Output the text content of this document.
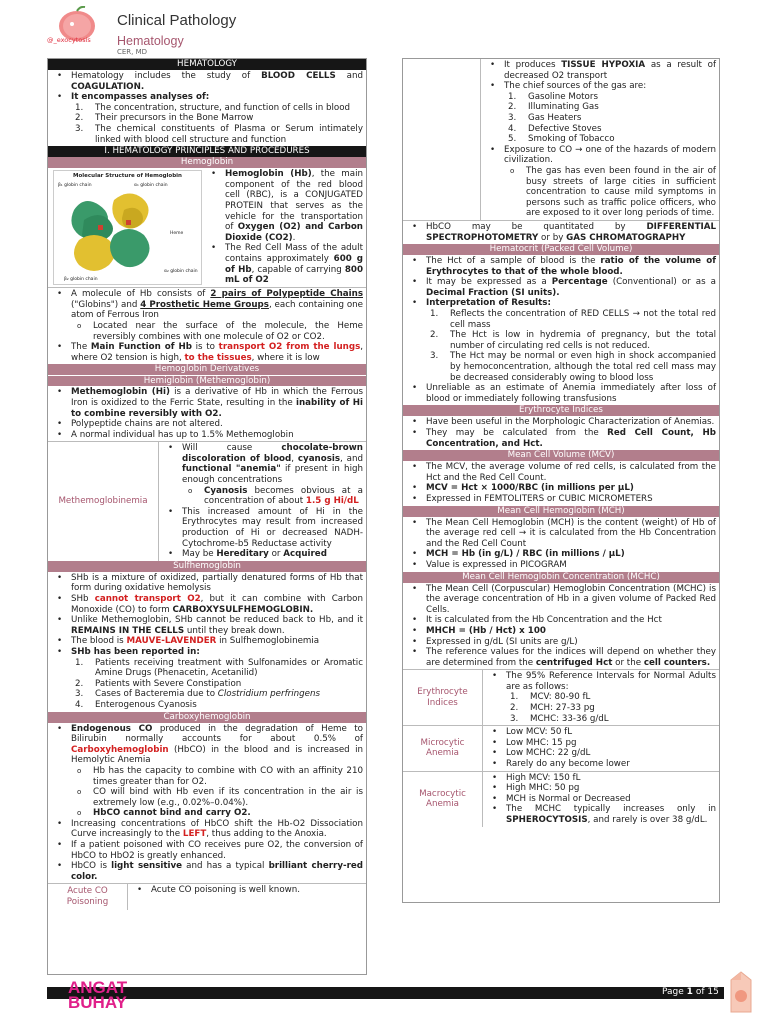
@_exocytosis
Clinical Pathology
Hematology
CER, MD
HEMATOLOGY
• Hematology includes the study of BLOOD CELLS and COAGULATION.
• It encompasses analyses of:
1. The concentration, structure, and function of cells in blood
2. Their precursors in the Bone Marrow
3. The chemical constituents of Plasma or Serum intimately linked with blood cell structure and function
I. HEMATOLOGY PRINCIPLES AND PROCEDURES
Hemoglobin
Molecular Structure of Hemoglobin
β₁ globin chain	α₁ globin chain
Heme
α₂ globin chain
β₂ globin chain
• Hemoglobin (Hb), the main component of the red blood cell (RBC), is a CONJUGATED PROTEIN that serves as the vehicle for the transportation of Oxygen (O2) and Carbon Dioxide (CO2).
• The Red Cell Mass of the adult contains approximately 600 g of Hb, capable of carrying 800 mL of O2
• A molecule of Hb consists of 2 pairs of Polypeptide Chains ("Globins") and 4 Prosthetic Heme Groups, each containing one atom of Ferrous Iron
o Located near the surface of the molecule, the Heme reversibly combines with one molecule of O2 or CO2.
• The Main Function of Hb is to transport O2 from the lungs, where O2 tension is high, to the tissues, where it is low
Hemoglobin Derivatives
Hemiglobin (Methemoglobin)
• Methemoglobin (Hi) is a derivative of Hb in which the Ferrous Iron is oxidized to the Ferric State, resulting in the inability of Hi to combine reversibly with O2.
• Polypeptide chains are not altered.
• A normal individual has up to 1.5% Methemoglobin
Methemoglobinemia
• Will cause chocolate-brown discoloration of blood, cyanosis, and functional "anemia" if present in high enough concentrations
o Cyanosis becomes obvious at a concentration of about 1.5 g Hi/dL
• This increased amount of Hi in the Erythrocytes may result from increased production of Hi or decreased NADH-Cytochrome-b5 Reductase activity
• May be Hereditary or Acquired
Sulfhemoglobin
• SHb is a mixture of oxidized, partially denatured forms of Hb that form during oxidative hemolysis
• SHb cannot transport O2, but it can combine with Carbon Monoxide (CO) to form CARBOXYSULFHEMOGLOBIN.
• Unlike Methemoglobin, SHb cannot be reduced back to Hb, and it REMAINS IN THE CELLS until they break down.
• The blood is MAUVE-LAVENDER in Sulfhemoglobinemia
• SHb has been reported in:
1. Patients receiving treatment with Sulfonamides or Aromatic Amine Drugs (Phenacetin, Acetanilid)
2. Patients with Severe Constipation
3. Cases of Bacteremia due to Clostridium perfringens
4. Enterogenous Cyanosis
Carboxyhemoglobin
• Endogenous CO produced in the degradation of Heme to Bilirubin normally accounts for about 0.5% of Carboxyhemoglobin (HbCO) in the blood and is increased in Hemolytic Anemia
o Hb has the capacity to combine with CO with an affinity 210 times greater than for O2.
o CO will bind with Hb even if its concentration in the air is extremely low (e.g., 0.02%–0.04%).
o HbCO cannot bind and carry O2.
• Increasing concentrations of HbCO shift the Hb-O2 Dissociation Curve increasingly to the LEFT, thus adding to the Anoxia.
• If a patient poisoned with CO receives pure O2, the conversion of HbCO to HbO2 is greatly enhanced.
• HbCO is light sensitive and has a typical brilliant cherry-red color.
Acute CO Poisoning
• Acute CO poisoning is well known.
• It produces TISSUE HYPOXIA as a result of decreased O2 transport
• The chief sources of the gas are:
1. Gasoline Motors
2. Illuminating Gas
3. Gas Heaters
4. Defective Stoves
5. Smoking of Tobacco
• Exposure to CO → one of the hazards of modern civilization.
o The gas has even been found in the air of busy streets of large cities in sufficient concentration to cause mild symptoms in persons such as traffic police officers, who are exposed to it over long periods of time.
• HbCO may be quantitated by DIFFERENTIAL SPECTROPHOTOMETRY or by GAS CHROMATOGRAPHY
Hematocrit (Packed Cell Volume)
• The Hct of a sample of blood is the ratio of the volume of Erythrocytes to that of the whole blood.
• It may be expressed as a Percentage (Conventional) or as a Decimal Fraction (SI units).
• Interpretation of Results:
1. Reflects the concentration of RED CELLS → not the total red cell mass
2. The Hct is low in hydremia of pregnancy, but the total number of circulating red cells is not reduced.
3. The Hct may be normal or even high in shock accompanied by hemoconcentration, although the total red cell mass may be decreased considerably owing to blood loss
• Unreliable as an estimate of Anemia immediately after loss of blood or immediately following transfusions
Erythrocyte Indices
• Have been useful in the Morphologic Characterization of Anemias.
• They may be calculated from the Red Cell Count, Hb Concentration, and Hct.
Mean Cell Volume (MCV)
• The MCV, the average volume of red cells, is calculated from the Hct and the Red Cell Count.
• MCV = Hct × 1000/RBC (in millions per μL)
• Expressed in FEMTOLITERS or CUBIC MICROMETERS
Mean Cell Hemoglobin (MCH)
• The Mean Cell Hemoglobin (MCH) is the content (weight) of Hb of the average red cell → it is calculated from the Hb Concentration and the Red Cell Count
• MCH = Hb (in g/L) / RBC (in millions / μL)
• Value is expressed in PICOGRAM
Mean Cell Hemoglobin Concentration (MCHC)
• The Mean Cell (Corpuscular) Hemoglobin Concentration (MCHC) is the average concentration of Hb in a given volume of Packed Red Cells.
• It is calculated from the Hb Concentration and the Hct
• MHCH = (Hb / Hct) x 100
• Expressed in g/dL (SI units are g/L)
• The reference values for the indices will depend on whether they are determined from the centrifuged Hct or the cell counters.
Erythrocyte Indices
• The 95% Reference Intervals for Normal Adults are as follows:
1. MCV: 80-90 fL
2. MCH: 27-33 pg
3. MCHC: 33-36 g/dL
Microcytic Anemia
• Low MCV: 50 fL
• Low MHC: 15 pg
• Low MCHC: 22 g/dL
• Rarely do any become lower
Macrocytic Anemia
• High MCV: 150 fL
• High MHC: 50 pg
• MCH is Normal or Decreased
• The MCHC typically increases only in SPHEROCYTOSIS, and rarely is over 38 g/dL.
ANGAT
BUHAY
Page 1 of 15
